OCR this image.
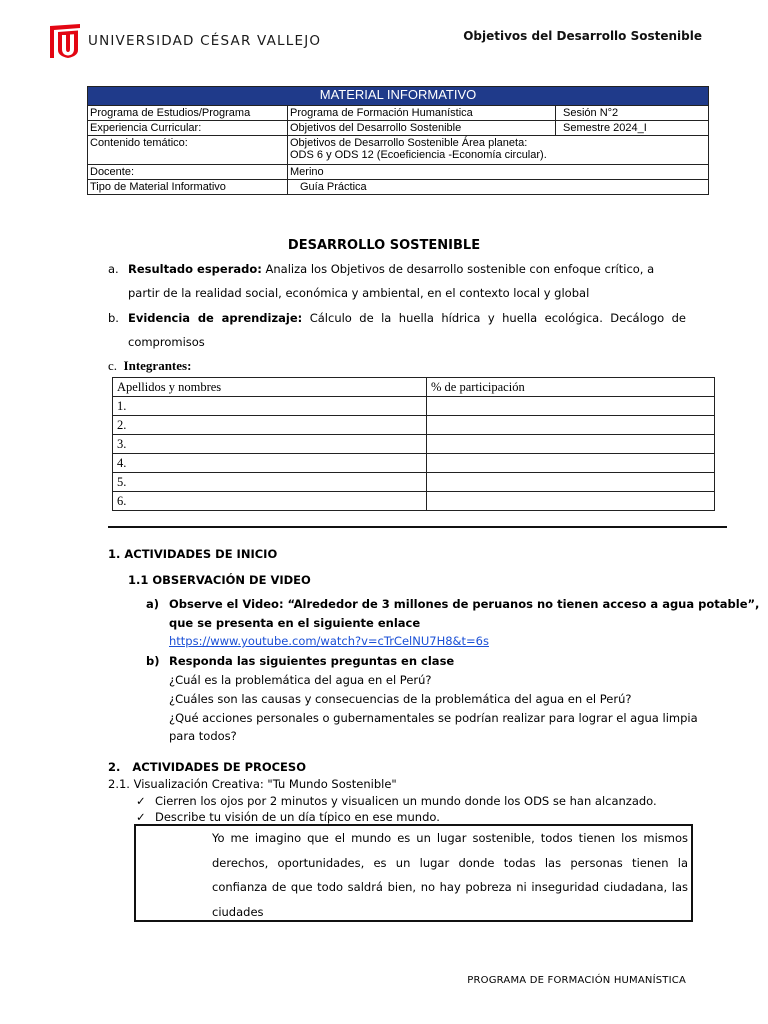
UNIVERSIDAD CÉSAR VALLEJO	Objetivos del Desarrollo Sostenible
MATERIAL INFORMATIVO		
Programa de Estudios/Programa	Programa de Formación Humanística	Sesión N°2
Experiencia Curricular:	Objetivos del Desarrollo Sostenible	Semestre 2024_I
Contenido temático:	Objetivos de Desarrollo Sostenible Área planeta:
ODS 6 y ODS 12 (Ecoeficiencia -Economía circular).	

Docente:	Merino	
Tipo de Material Informativo	Guía Práctica	
DESARROLLO SOSTENIBLE
a. Resultado esperado: Analiza los Objetivos de desarrollo sostenible con enfoque crítico, a partir de la realidad social, económica y ambiental, en el contexto local y global
b. Evidencia de aprendizaje: Cálculo de la huella hídrica y huella ecológica. Decálogo de compromisos
c. Integrantes:
Apellidos y nombres	% de participación
1.	
2.	
3.	
4.	
5.	
6.	
1. ACTIVIDADES DE INICIO
1.1 OBSERVACIÓN DE VIDEO
a) Observe el Video: “Alrededor de 3 millones de peruanos no tienen acceso a agua potable”,
que se presenta en el siguiente enlace
https://www.youtube.com/watch?v=cTrCelNU7H8&t=6s
b) Responda las siguientes preguntas en clase
¿Cuál es la problemática del agua en el Perú?
¿Cuáles son las causas y consecuencias de la problemática del agua en el Perú?
¿Qué acciones personales o gubernamentales se podrían realizar para lograr el agua limpia
para todos?
2.   ACTIVIDADES DE PROCESO
2.1. Visualización Creativa: "Tu Mundo Sostenible"
✓ Cierren los ojos por 2 minutos y visualicen un mundo donde los ODS se han alcanzado.
✓ Describe tu visión de un día típico en ese mundo.
Yo me imagino que el mundo es un lugar sostenible, todos tienen los mismos derechos, oportunidades, es un lugar donde todas las personas tienen la confianza de que todo saldrá bien, no hay pobreza ni inseguridad ciudadana, las ciudades
PROGRAMA DE FORMACIÓN HUMANÍSTICA
